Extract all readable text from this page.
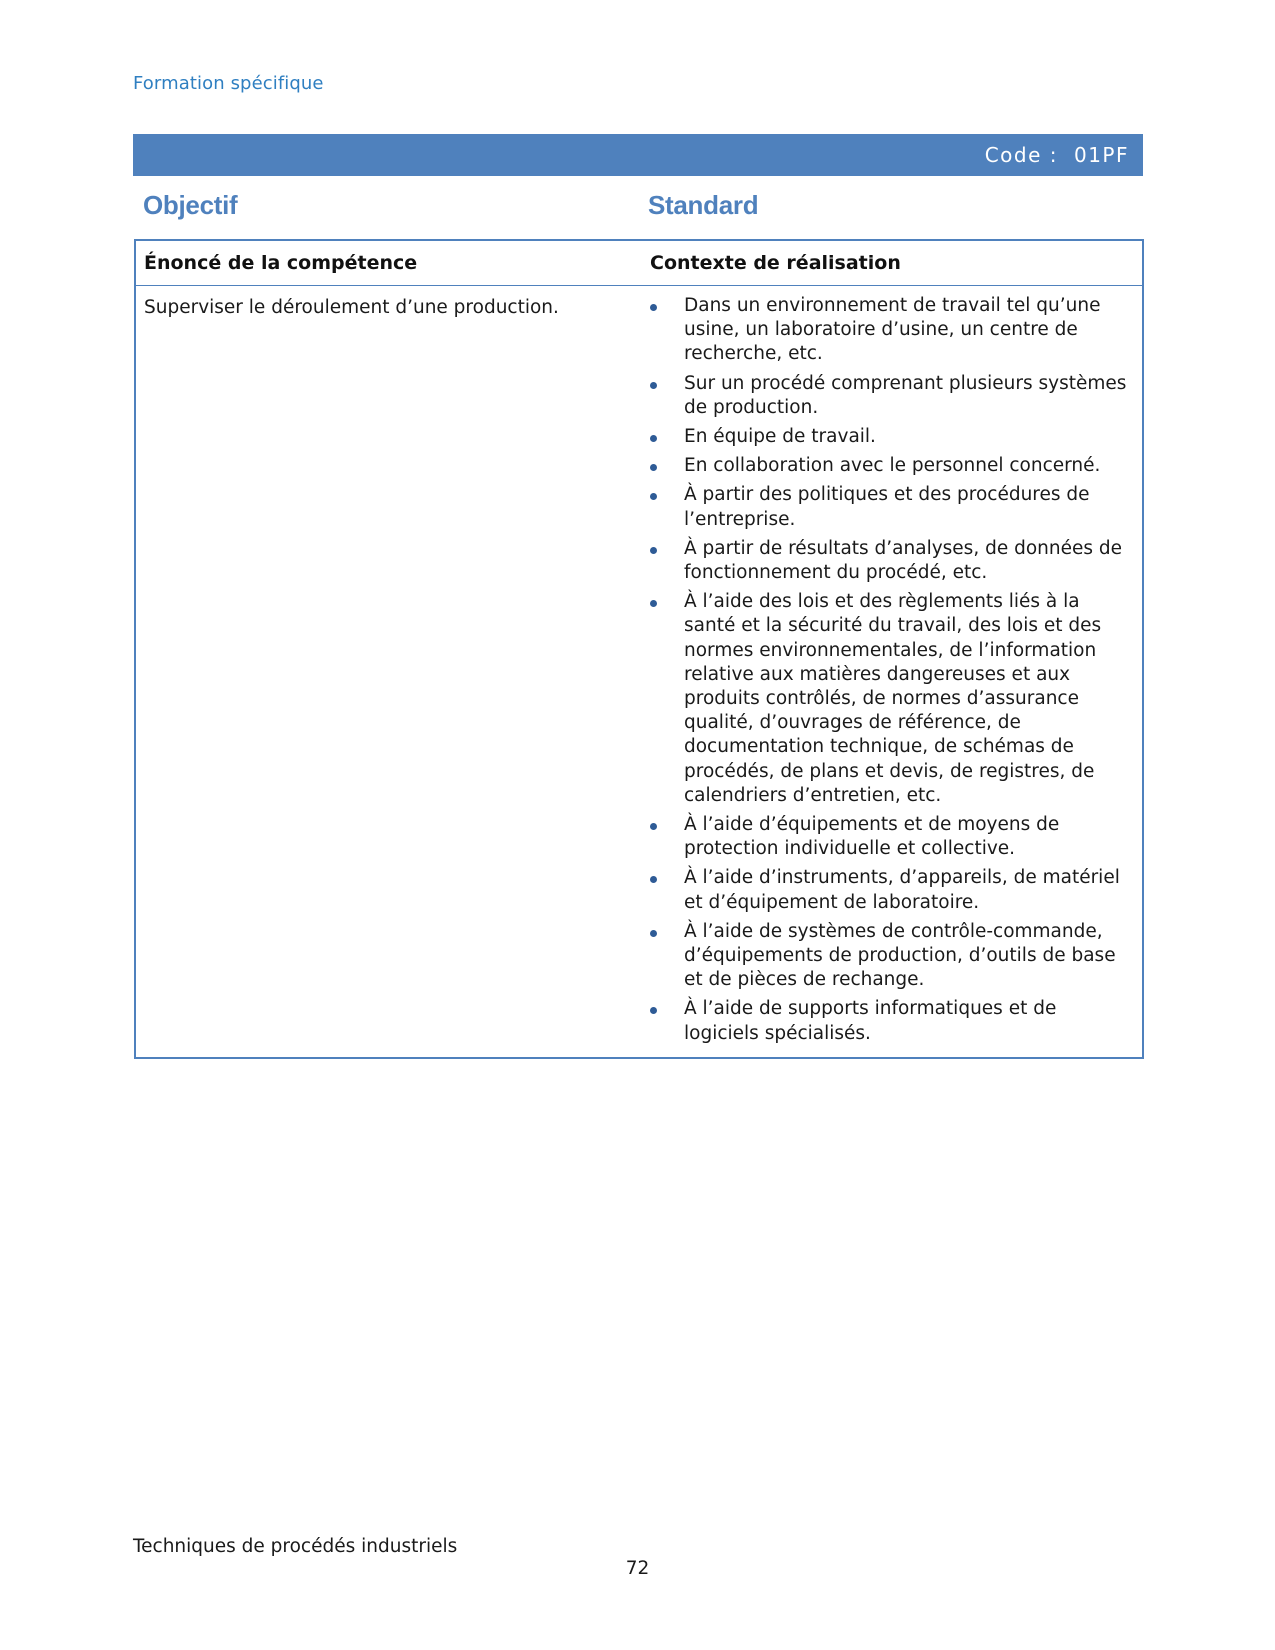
Formation spécifique
Code : 01PF
Objectif	Standard
Énoncé de la compétence	Contexte de réalisation
Superviser le déroulement d’une production.	Dans un environnement de travail tel qu’une usine, un laboratoire d’usine, un centre de recherche, etc.
Sur un procédé comprenant plusieurs systèmes de production.
En équipe de travail.
En collaboration avec le personnel concerné.
À partir des politiques et des procédures de l’entreprise.
À partir de résultats d’analyses, de données de fonctionnement du procédé, etc.
À l’aide des lois et des règlements liés à la santé et la sécurité du travail, des lois et des normes environnementales, de l’information relative aux matières dangereuses et aux produits contrôlés, de normes d’assurance qualité, d’ouvrages de référence, de documentation technique, de schémas de procédés, de plans et devis, de registres, de calendriers d’entretien, etc.
À l’aide d’équipements et de moyens de protection individuelle et collective.
À l’aide d’instruments, d’appareils, de matériel et d’équipement de laboratoire.
À l’aide de systèmes de contrôle-commande, d’équipements de production, d’outils de base et de pièces de rechange.
À l’aide de supports informatiques et de logiciels spécialisés.
Techniques de procédés industriels
72
